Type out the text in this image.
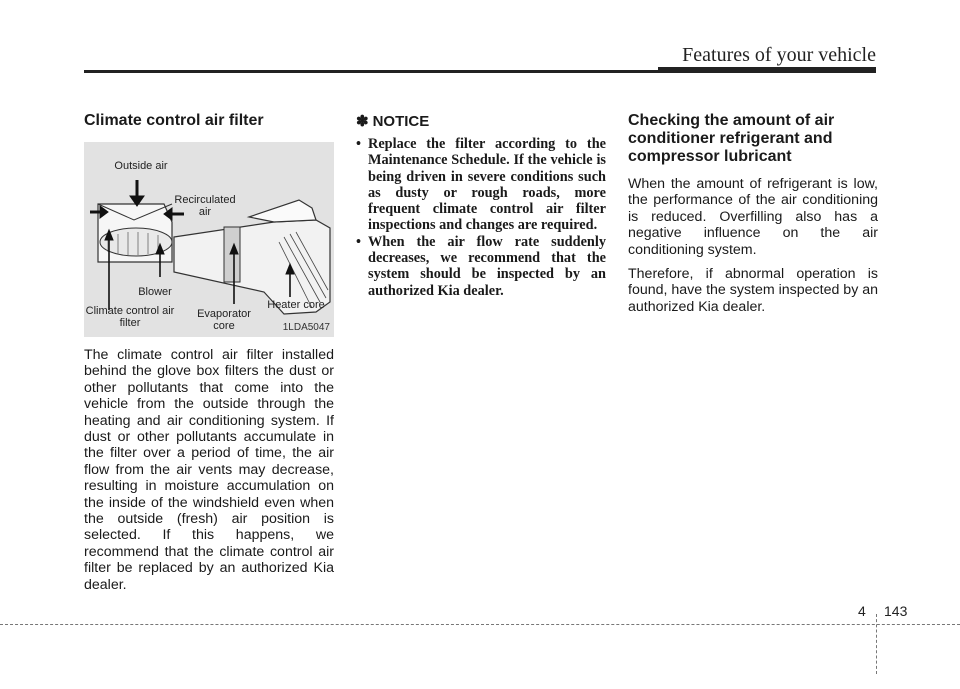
Features of your vehicle
Climate control air filter
Outside air
Recirculated air
Blower
Climate control air filter
Evaporator core
Heater core
1LDA5047

The climate control air filter installed behind the glove box filters the dust or other pollutants that come into the vehicle from the outside through the heating and air conditioning system. If dust or other pollutants accumulate in the filter over a period of time, the air flow from the air vents may decrease, resulting in moisture accumulation on the inside of the windshield even when the outside (fresh) air position is selected. If this happens, we recommend that the climate control air filter be replaced by an authorized Kia dealer.

✽ NOTICE
• Replace the filter according to the Maintenance Schedule. If the vehicle is being driven in severe conditions such as dusty or rough roads, more frequent climate control air filter inspections and changes are required.
• When the air flow rate suddenly decreases, we recommend that the system should be inspected by an authorized Kia dealer.
Checking the amount of air conditioner refrigerant and compressor lubricant

When the amount of refrigerant is low, the performance of the air conditioning is reduced. Overfilling also has a negative influence on the air conditioning system.

Therefore, if abnormal operation is found, have the system inspected by an authorized Kia dealer.

4 143
